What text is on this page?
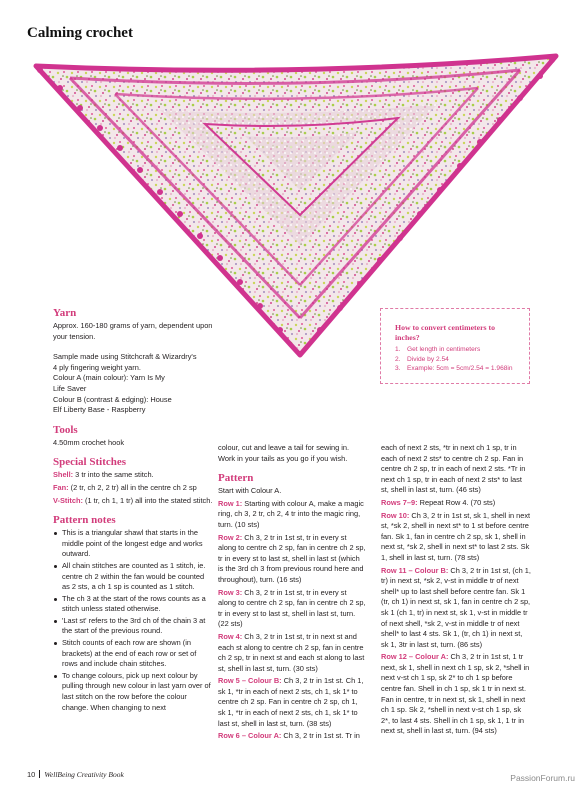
Calming crochet
How to convert centimeters to inches?
1. Get length in centimeters
2. Divide by 2.54
3. Example: 5cm = 5cm/2.54 = 1.968in
Yarn

Approx. 160-180 grams of yarn, dependent upon your tension.

Sample made using Stitchcraft & Wizardry's
4 ply fingering weight yarn.
Colour A (main colour): Yarn Is My
Life Saver
Colour B (contrast & edging): House
Elf Liberty Base - Raspberry
Tools

4.50mm crochet hook

Special Stitches

Shell: 3 tr into the same stitch.

Fan: (2 tr, ch 2, 2 tr) all in the centre ch 2 sp

V-Stitch: (1 tr, ch 1, 1 tr) all into the stated stitch.

Pattern notes
This is a triangular shawl that starts in the middle point of the longest edge and works outward.
All chain stitches are counted as 1 stitch, ie. centre ch 2 within the fan would be counted as 2 sts, a ch 1 sp is counted as 1 stitch.
The ch 3 at the start of the rows counts as a stitch unless stated otherwise.
'Last st' refers to the 3rd ch of the chain 3 at the start of the previous round.
Stitch counts of each row are shown (in brackets) at the end of each row or set of rows and include chain stitches.
To change colours, pick up next colour by pulling through new colour in last yarn over of last stitch on the row before the colour change. When changing to next

colour, cut and leave a tail for sewing in. Work in your tails as you go if you wish.

Pattern

Start with Colour A.

Row 1: Starting with colour A, make a magic ring, ch 3, 2 tr, ch 2, 4 tr into the magic ring, turn. (10 sts)

Row 2: Ch 3, 2 tr in 1st st, tr in every st along to centre ch 2 sp, fan in centre ch 2 sp, tr in every st to last st, shell in last st (which is the 3rd ch 3 from previous round here and throughout), turn. (16 sts)

Row 3: Ch 3, 2 tr in 1st st, tr in every st along to centre ch 2 sp, fan in centre ch 2 sp, tr in every st to last st, shell in last st, turn. (22 sts)

Row 4: Ch 3, 2 tr in 1st st, tr in next st and each st along to centre ch 2 sp, fan in centre ch 2 sp, tr in next st and each st along to last st, shell in last st, turn. (30 sts)

Row 5 – Colour B: Ch 3, 2 tr in 1st st. Ch 1, sk 1, *tr in each of next 2 sts, ch 1, sk 1* to centre ch 2 sp. Fan in centre ch 2 sp, ch 1, sk 1, *tr in each of next 2 sts, ch 1, sk 1* to last st, shell in last st, turn. (38 sts)

Row 6 – Colour A: Ch 3, 2 tr in 1st st. Tr in

each of next 2 sts, *tr in next ch 1 sp, tr in each of next 2 sts* to centre ch 2 sp. Fan in centre ch 2 sp, tr in each of next 2 sts. *Tr in next ch 1 sp, tr in each of next 2 sts* to last st, shell in last st, turn. (46 sts)

Rows 7–9: Repeat Row 4. (70 sts)

Row 10: Ch 3, 2 tr in 1st st, sk 1, shell in next st, *sk 2, shell in next st* to 1 st before centre fan. Sk 1, fan in centre ch 2 sp, sk 1, shell in next st, *sk 2, shell in next st* to last 2 sts. Sk 1, shell in last st, turn. (78 sts)

Row 11 – Colour B: Ch 3, 2 tr in 1st st, (ch 1, tr) in next st, *sk 2, v-st in middle tr of next shell* up to last shell before centre fan. Sk 1 (tr, ch 1) in next st, sk 1, fan in centre ch 2 sp, sk 1 (ch 1, tr) in next st, sk 1, v-st in middle tr of next shell, *sk 2, v-st in middle tr of next shell* to last 4 sts. Sk 1, (tr, ch 1) in next st, sk 1, 3tr in last st, turn. (86 sts)

Row 12 – Colour A: Ch 3, 2 tr in 1st st, 1 tr next, sk 1, shell in next ch 1 sp, sk 2, *shell in next v-st ch 1 sp, sk 2* to ch 1 sp before centre fan. Shell in ch 1 sp, sk 1 tr in next st. Fan in centre, tr in next st, sk 1, shell in next ch 1 sp. Sk 2, *shell in next v-st ch 1 sp, sk 2*, to last 4 sts. Shell in ch 1 sp, sk 1, 1 tr in next st, shell in last st, turn. (94 sts)

10 WellBeing Creativity Book	PassionForum.ru
